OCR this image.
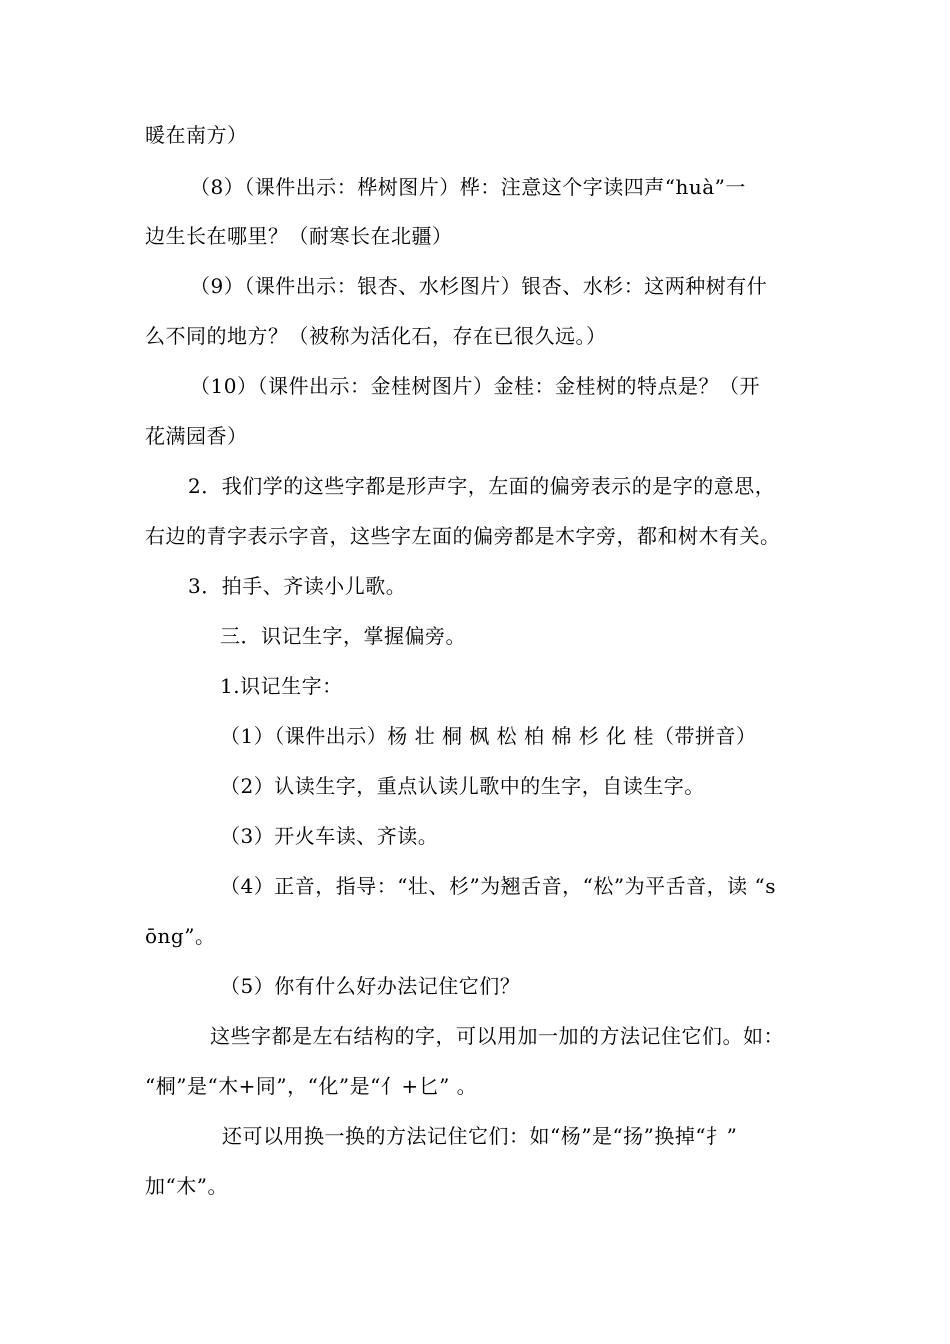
暖在南方）
（8）（课件出示：桦树图片）桦：注意这个字读四声“huà”一
边生长在哪里？（耐寒长在北疆）
（9）（课件出示：银杏、水杉图片）银杏、水杉：这两种树有什
么不同的地方？（被称为活化石，存在已很久远。）
（10）（课件出示：金桂树图片）金桂：金桂树的特点是？（开
花满园香）
2．我们学的这些字都是形声字，左面的偏旁表示的是字的意思，
右边的青字表示字音，这些字左面的偏旁都是木字旁，都和树木有关。
3．拍手、齐读小儿歌。
三．识记生字，掌握偏旁。
1.识记生字：
（1）（课件出示）杨 壮 桐 枫 松 柏 棉 杉 化 桂（带拼音）
（2）认读生字，重点认读儿歌中的生字，自读生字。
（3）开火车读、齐读。
（4）正音，指导：“壮、杉”为翘舌音，“松”为平舌音，读 “s
ōng”。
（5）你有什么好办法记住它们？
这些字都是左右结构的字，可以用加一加的方法记住它们。如：
“桐”是“木+同”，“化”是“亻+匕” 。
还可以用换一换的方法记住它们：如“杨”是“扬”换掉“扌”
加“木”。
